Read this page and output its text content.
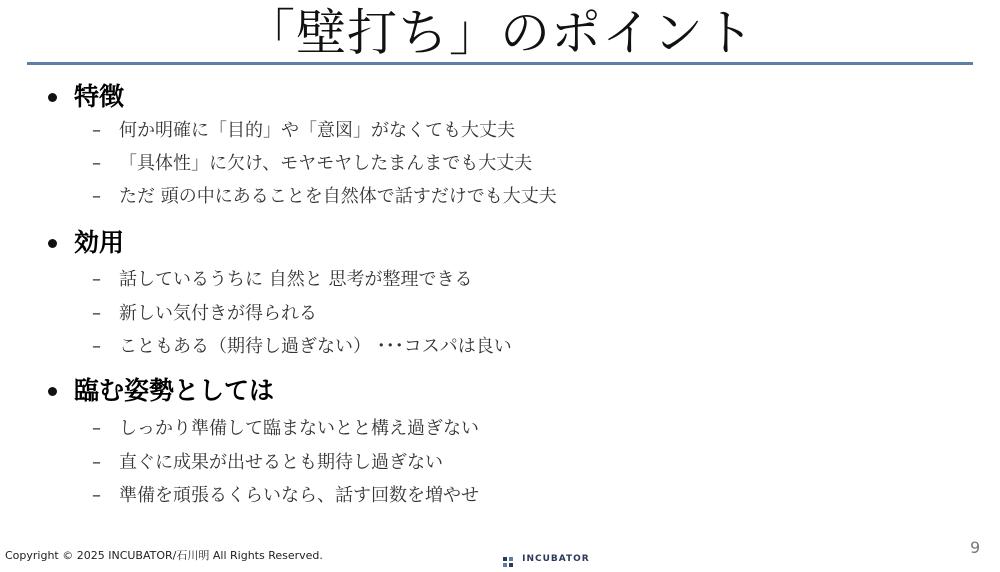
「壁打ち」のポイント
特徴
– 何か明確に「目的」や「意図」がなくても大丈夫
– 「具体性」に欠け、モヤモヤしたまんまでも大丈夫
– ただ 頭の中にあることを自然体で話すだけでも大丈夫
効用
– 話しているうちに 自然と 思考が整理できる
– 新しい気付きが得られる
– こともある（期待し過ぎない） ･･･コスパは良い
臨む姿勢としては
– しっかり準備して臨まないとと構え過ぎない
– 直ぐに成果が出せるとも期待し過ぎない
– 準備を頑張るくらいなら、話す回数を増やせ
Copyright © 2025 INCUBATOR/石川明 All Rights Reserved.	INCUBATOR
9
